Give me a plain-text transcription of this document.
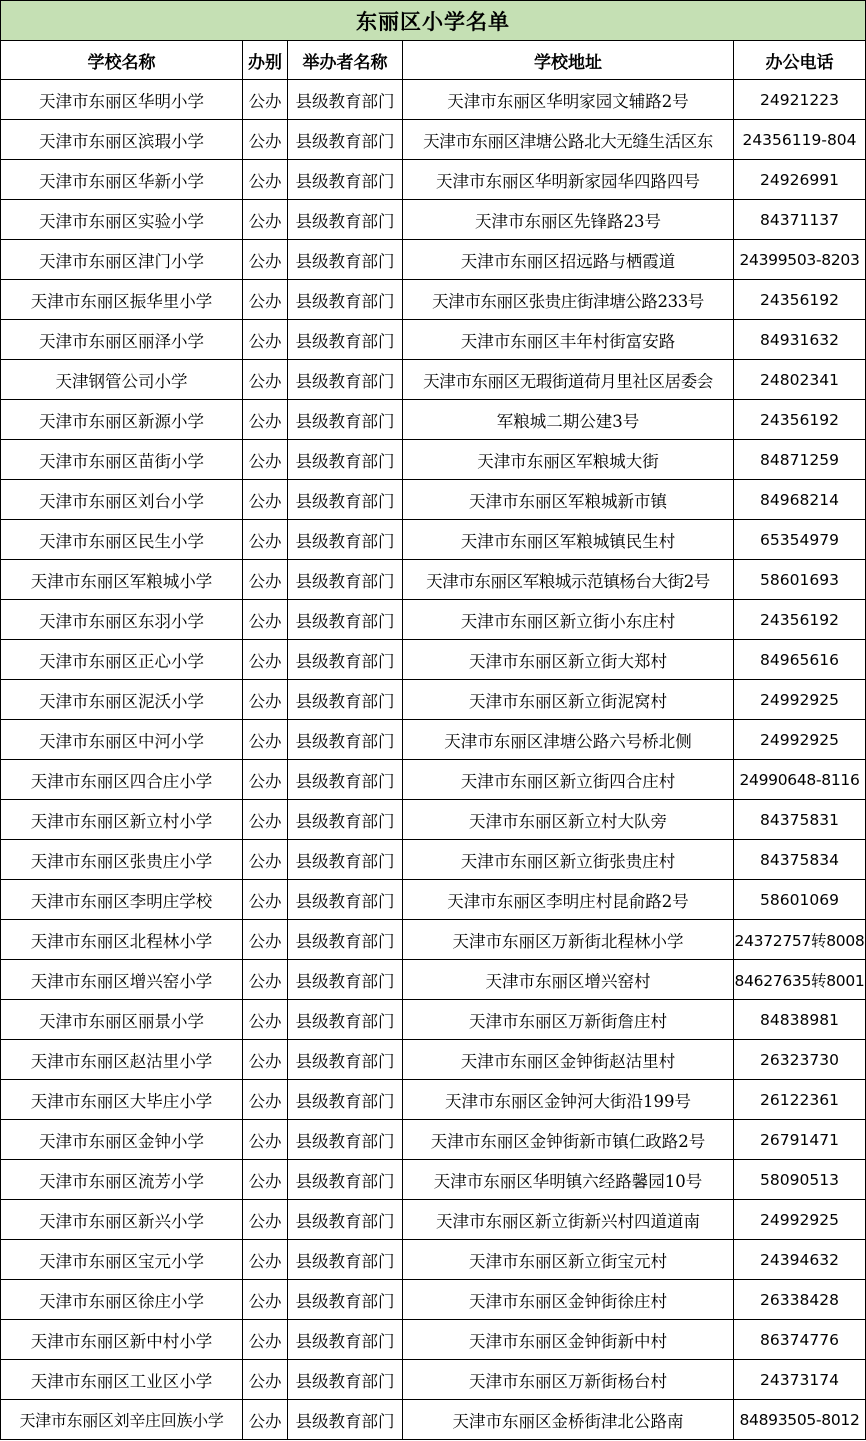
东丽区小学名单				
学校名称	办别	举办者名称	学校地址	办公电话
天津市东丽区华明小学	公办	县级教育部门	天津市东丽区华明家园文辅路2号	24921223
天津市东丽区滨瑕小学	公办	县级教育部门	天津市东丽区津塘公路北大无缝生活区东	24356119-804
天津市东丽区华新小学	公办	县级教育部门	天津市东丽区华明新家园华四路四号	24926991
天津市东丽区实验小学	公办	县级教育部门	天津市东丽区先锋路23号	84371137
天津市东丽区津门小学	公办	县级教育部门	天津市东丽区招远路与栖霞道	24399503-8203
天津市东丽区振华里小学	公办	县级教育部门	天津市东丽区张贵庄街津塘公路233号	24356192
天津市东丽区丽泽小学	公办	县级教育部门	天津市东丽区丰年村街富安路	84931632
天津钢管公司小学	公办	县级教育部门	天津市东丽区无瑕街道荷月里社区居委会	24802341
天津市东丽区新源小学	公办	县级教育部门	军粮城二期公建3号	24356192
天津市东丽区苗街小学	公办	县级教育部门	天津市东丽区军粮城大街	84871259
天津市东丽区刘台小学	公办	县级教育部门	天津市东丽区军粮城新市镇	84968214
天津市东丽区民生小学	公办	县级教育部门	天津市东丽区军粮城镇民生村	65354979
天津市东丽区军粮城小学	公办	县级教育部门	天津市东丽区军粮城示范镇杨台大街2号	58601693
天津市东丽区东羽小学	公办	县级教育部门	天津市东丽区新立街小东庄村	24356192
天津市东丽区正心小学	公办	县级教育部门	天津市东丽区新立街大郑村	84965616
天津市东丽区泥沃小学	公办	县级教育部门	天津市东丽区新立街泥窝村	24992925
天津市东丽区中河小学	公办	县级教育部门	天津市东丽区津塘公路六号桥北侧	24992925
天津市东丽区四合庄小学	公办	县级教育部门	天津市东丽区新立街四合庄村	24990648-8116
天津市东丽区新立村小学	公办	县级教育部门	天津市东丽区新立村大队旁	84375831
天津市东丽区张贵庄小学	公办	县级教育部门	天津市东丽区新立街张贵庄村	84375834
天津市东丽区李明庄学校	公办	县级教育部门	天津市东丽区李明庄村昆俞路2号	58601069
天津市东丽区北程林小学	公办	县级教育部门	天津市东丽区万新街北程林小学	24372757转8008
天津市东丽区增兴窑小学	公办	县级教育部门	天津市东丽区增兴窑村	84627635转8001
天津市东丽区丽景小学	公办	县级教育部门	天津市东丽区万新街詹庄村	84838981
天津市东丽区赵沽里小学	公办	县级教育部门	天津市东丽区金钟街赵沽里村	26323730
天津市东丽区大毕庄小学	公办	县级教育部门	天津市东丽区金钟河大街沿199号	26122361
天津市东丽区金钟小学	公办	县级教育部门	天津市东丽区金钟街新市镇仁政路2号	26791471
天津市东丽区流芳小学	公办	县级教育部门	天津市东丽区华明镇六经路馨园10号	58090513
天津市东丽区新兴小学	公办	县级教育部门	天津市东丽区新立街新兴村四道道南	24992925
天津市东丽区宝元小学	公办	县级教育部门	天津市东丽区新立街宝元村	24394632
天津市东丽区徐庄小学	公办	县级教育部门	天津市东丽区金钟街徐庄村	26338428
天津市东丽区新中村小学	公办	县级教育部门	天津市东丽区金钟街新中村	86374776
天津市东丽区工业区小学	公办	县级教育部门	天津市东丽区万新街杨台村	24373174
天津市东丽区刘辛庄回族小学	公办	县级教育部门	天津市东丽区金桥街津北公路南	84893505-8012
